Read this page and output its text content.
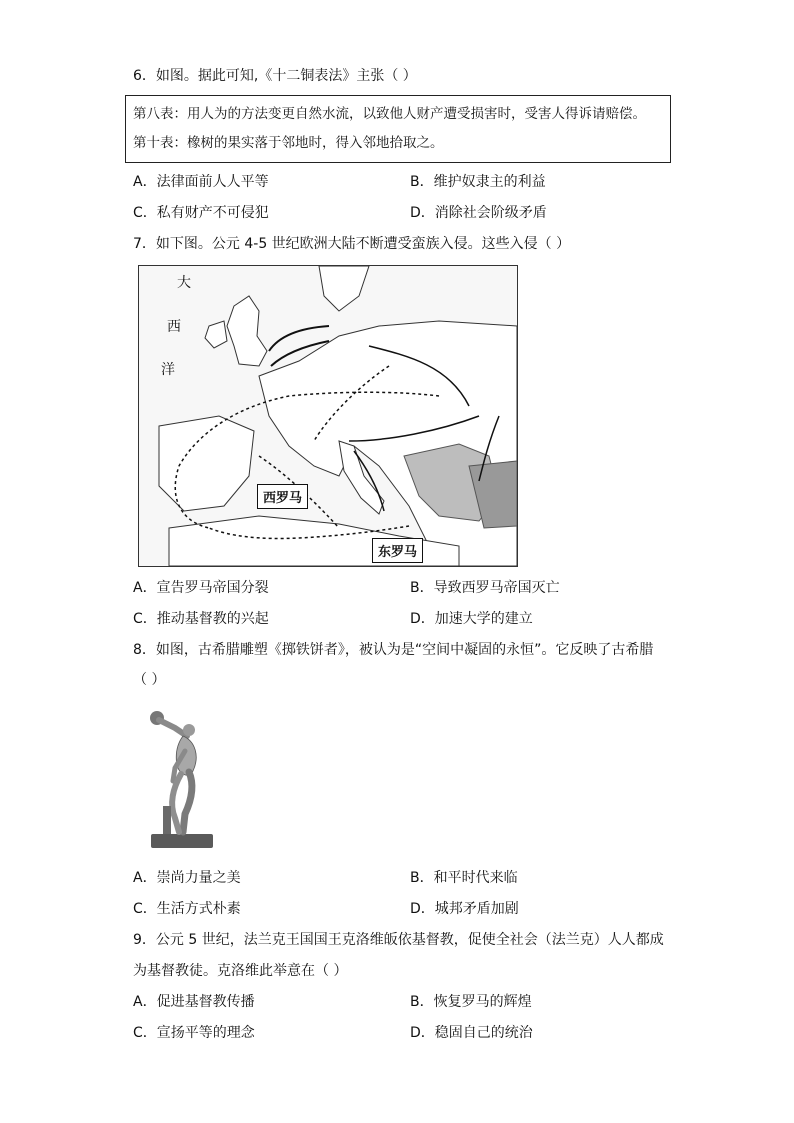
6．如图。据此可知,《十二铜表法》主张（ ）
第八表：用人为的方法变更自然水流，以致他人财产遭受损害时，受害人得诉请赔偿。
第十表：橡树的果实落于邻地时，得入邻地拾取之。
A．法律面前人人平等	B．维护奴隶主的利益
C．私有财产不可侵犯	D．消除社会阶级矛盾
7．如下图。公元 4-5 世纪欧洲大陆不断遭受蛮族入侵。这些入侵（ ）
大
西
洋
西罗马
东罗马
A．宣告罗马帝国分裂	B．导致西罗马帝国灭亡
C．推动基督教的兴起	D．加速大学的建立
8．如图，古希腊雕塑《掷铁饼者》，被认为是“空间中凝固的永恒”。它反映了古希腊
（ ）
A．崇尚力量之美	B．和平时代来临
C．生活方式朴素	D．城邦矛盾加剧
9．公元 5 世纪，法兰克王国国王克洛维皈依基督教，促使全社会（法兰克）人人都成
为基督教徒。克洛维此举意在（ ）
A．促进基督教传播	B．恢复罗马的辉煌
C．宣扬平等的理念	D．稳固自己的统治
